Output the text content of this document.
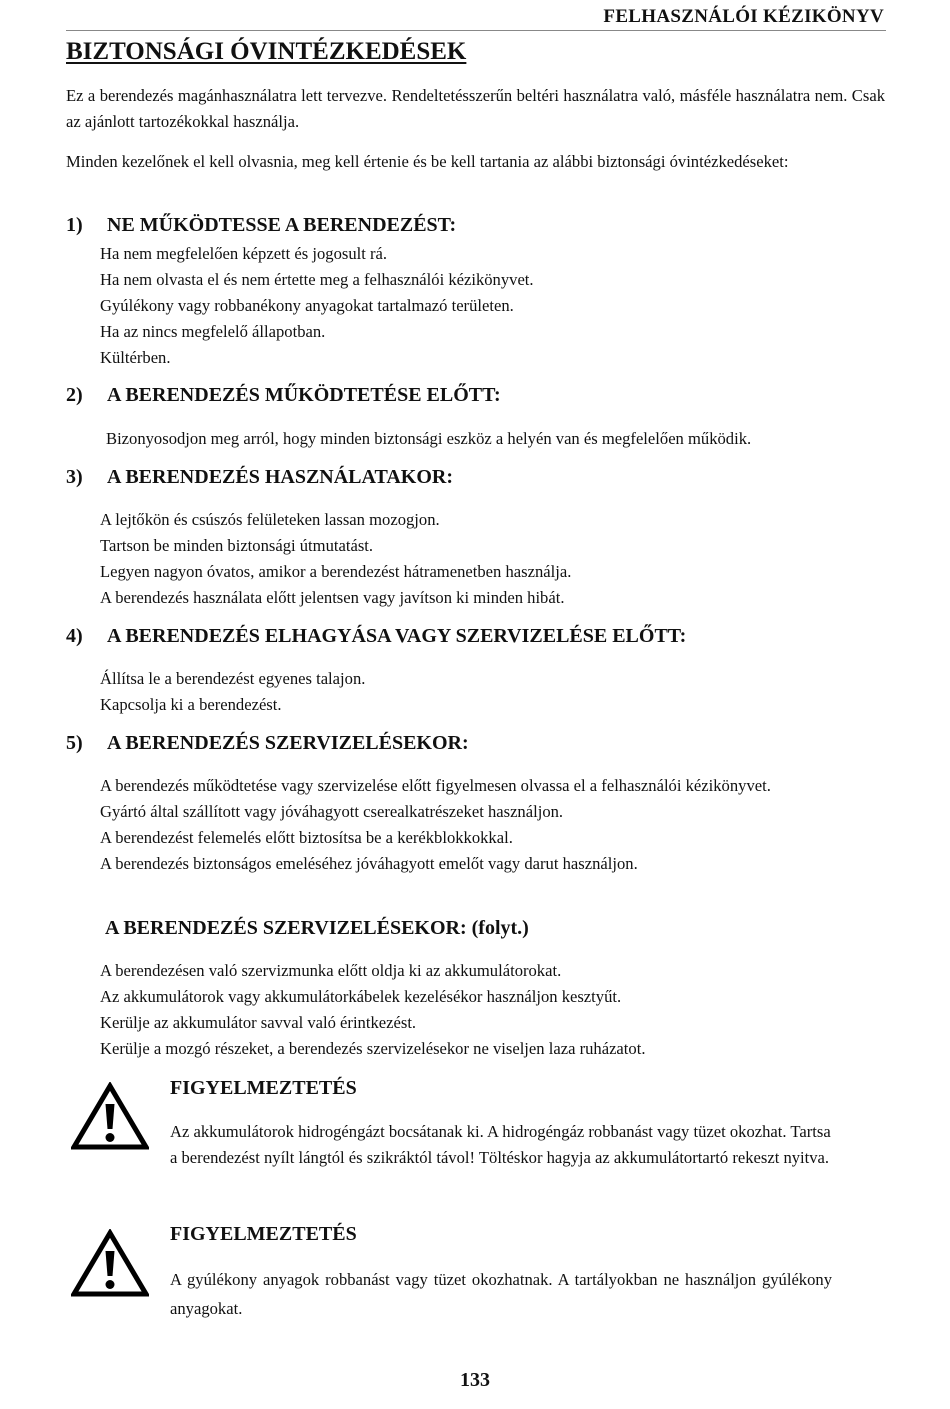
FELHASZNÁLÓI KÉZIKÖNYV
BIZTONSÁGI ÓVINTÉZKEDÉSEK

Ez a berendezés magánhasználatra lett tervezve. Rendeltetésszerűn beltéri használatra való, másféle használatra nem. Csak az ajánlott tartozékokkal használja.

Minden kezelőnek el kell olvasnia, meg kell értenie és be kell tartania az alábbi biztonsági óvintézkedéseket:

1) NE MŰKÖDTESSE A BERENDEZÉST:
Ha nem megfelelően képzett és jogosult rá.
Ha nem olvasta el és nem értette meg a felhasználói kézikönyvet.
Gyúlékony vagy robbanékony anyagokat tartalmazó területen.
Ha az nincs megfelelő állapotban.
Kültérben.
2) A BERENDEZÉS MŰKÖDTETÉSE ELŐTT:
Bizonyosodjon meg arról, hogy minden biztonsági eszköz a helyén van és megfelelően működik.
3) A BERENDEZÉS HASZNÁLATAKOR:
A lejtőkön és csúszós felületeken lassan mozogjon.
Tartson be minden biztonsági útmutatást.
Legyen nagyon óvatos, amikor a berendezést hátramenetben használja.
A berendezés használata előtt jelentsen vagy javítson ki minden hibát.
4) A BERENDEZÉS ELHAGYÁSA VAGY SZERVIZELÉSE ELŐTT:
Állítsa le a berendezést egyenes talajon.
Kapcsolja ki a berendezést.
5) A BERENDEZÉS SZERVIZELÉSEKOR:
A berendezés működtetése vagy szervizelése előtt figyelmesen olvassa el a felhasználói kézikönyvet.
Gyártó által szállított vagy jóváhagyott cserealkatrészeket használjon.
A berendezést felemelés előtt biztosítsa be a kerékblokkokkal.
A berendezés biztonságos emeléséhez jóváhagyott emelőt vagy darut használjon.
A BERENDEZÉS SZERVIZELÉSEKOR: (folyt.)
A berendezésen való szervizmunka előtt oldja ki az akkumulátorokat.
Az akkumulátorok vagy akkumulátorkábelek kezelésékor használjon kesztyűt.
Kerülje az akkumulátor savval való érintkezést.
Kerülje a mozgó részeket, a berendezés szervizelésekor ne viseljen laza ruházatot.
FIGYELMEZTETÉS

Az akkumulátorok hidrogéngázt bocsátanak ki. A hidrogéngáz robbanást vagy tüzet okozhat. Tartsa a berendezést nyílt lángtól és szikráktól távol! Töltéskor hagyja az akkumulátortartó rekeszt nyitva.

FIGYELMEZTETÉS

A gyúlékony anyagok robbanást vagy tüzet okozhatnak. A tartályokban ne használjon gyúlékony anyagokat.

133
